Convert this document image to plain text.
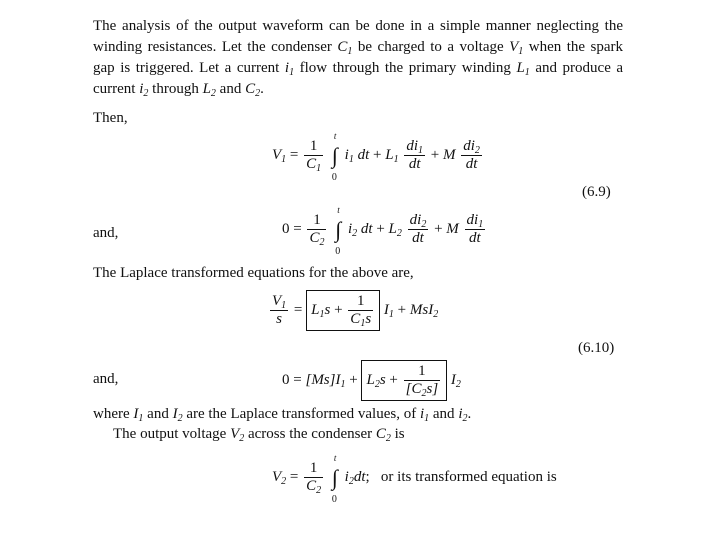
The analysis of the output waveform can be done in a simple manner neglecting the winding resistances. Let the condenser $C_1$ be charged to a voltage $V_1$ when the spark gap is triggered. Let a current $i_1$ flow through the primary winding $L_1$ and produce a current $i_2$ through $L_2$ and $C_2$.
Then,
$V_1 = \frac{1}{C_1}$

t
∫
0
$i_1$ dt + $L_1 \frac{di_1}{dt} + M \frac{di_2}{dt}$
(6.9)
and,	$0 = \frac{1}{C_2}$

t
∫
0
$i_2$ dt + $L_2 \frac{di_2}{dt} + M \frac{di_1}{dt}$
The Laplace transformed equations for the above are,
$\frac{V_1}{s} = L_1s + \frac{1}{C_1s} I_1 + MsI_2$
(6.10)
and,	$0 = [Ms]I_1 + L_2s + \frac{1}{[C_2s]} I_2$
where $I_1$ and $I_2$ are the Laplace transformed values, of $i_1$ and $i_2$.
The output voltage $V_2$ across the condenser $C_2$ is
$V_2 = \frac{1}{C_2}$

t
∫
0
$i_2dt$; or its transformed equation is
